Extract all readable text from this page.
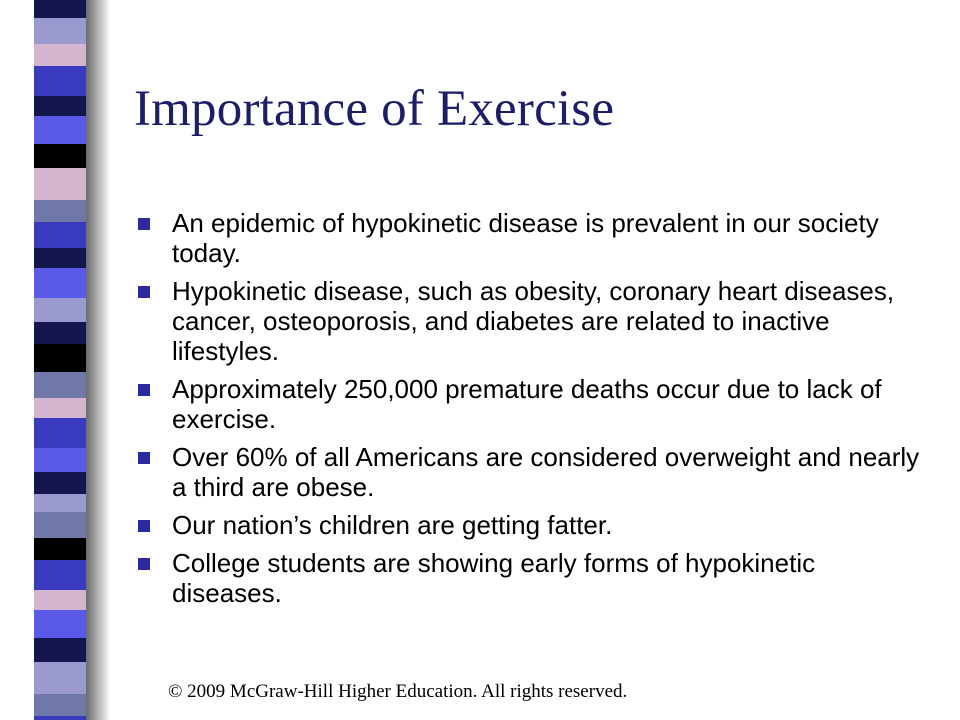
Importance of Exercise
An epidemic of hypokinetic disease is prevalent in our society today.
Hypokinetic disease, such as obesity, coronary heart diseases, cancer, osteoporosis, and diabetes are related to inactive lifestyles.
Approximately 250,000 premature deaths occur due to lack of exercise.
Over 60% of all Americans are considered overweight and nearly a third are obese.
Our nation’s children are getting fatter.
College students are showing early forms of hypokinetic diseases.
© 2009 McGraw-Hill Higher Education. All rights reserved.
